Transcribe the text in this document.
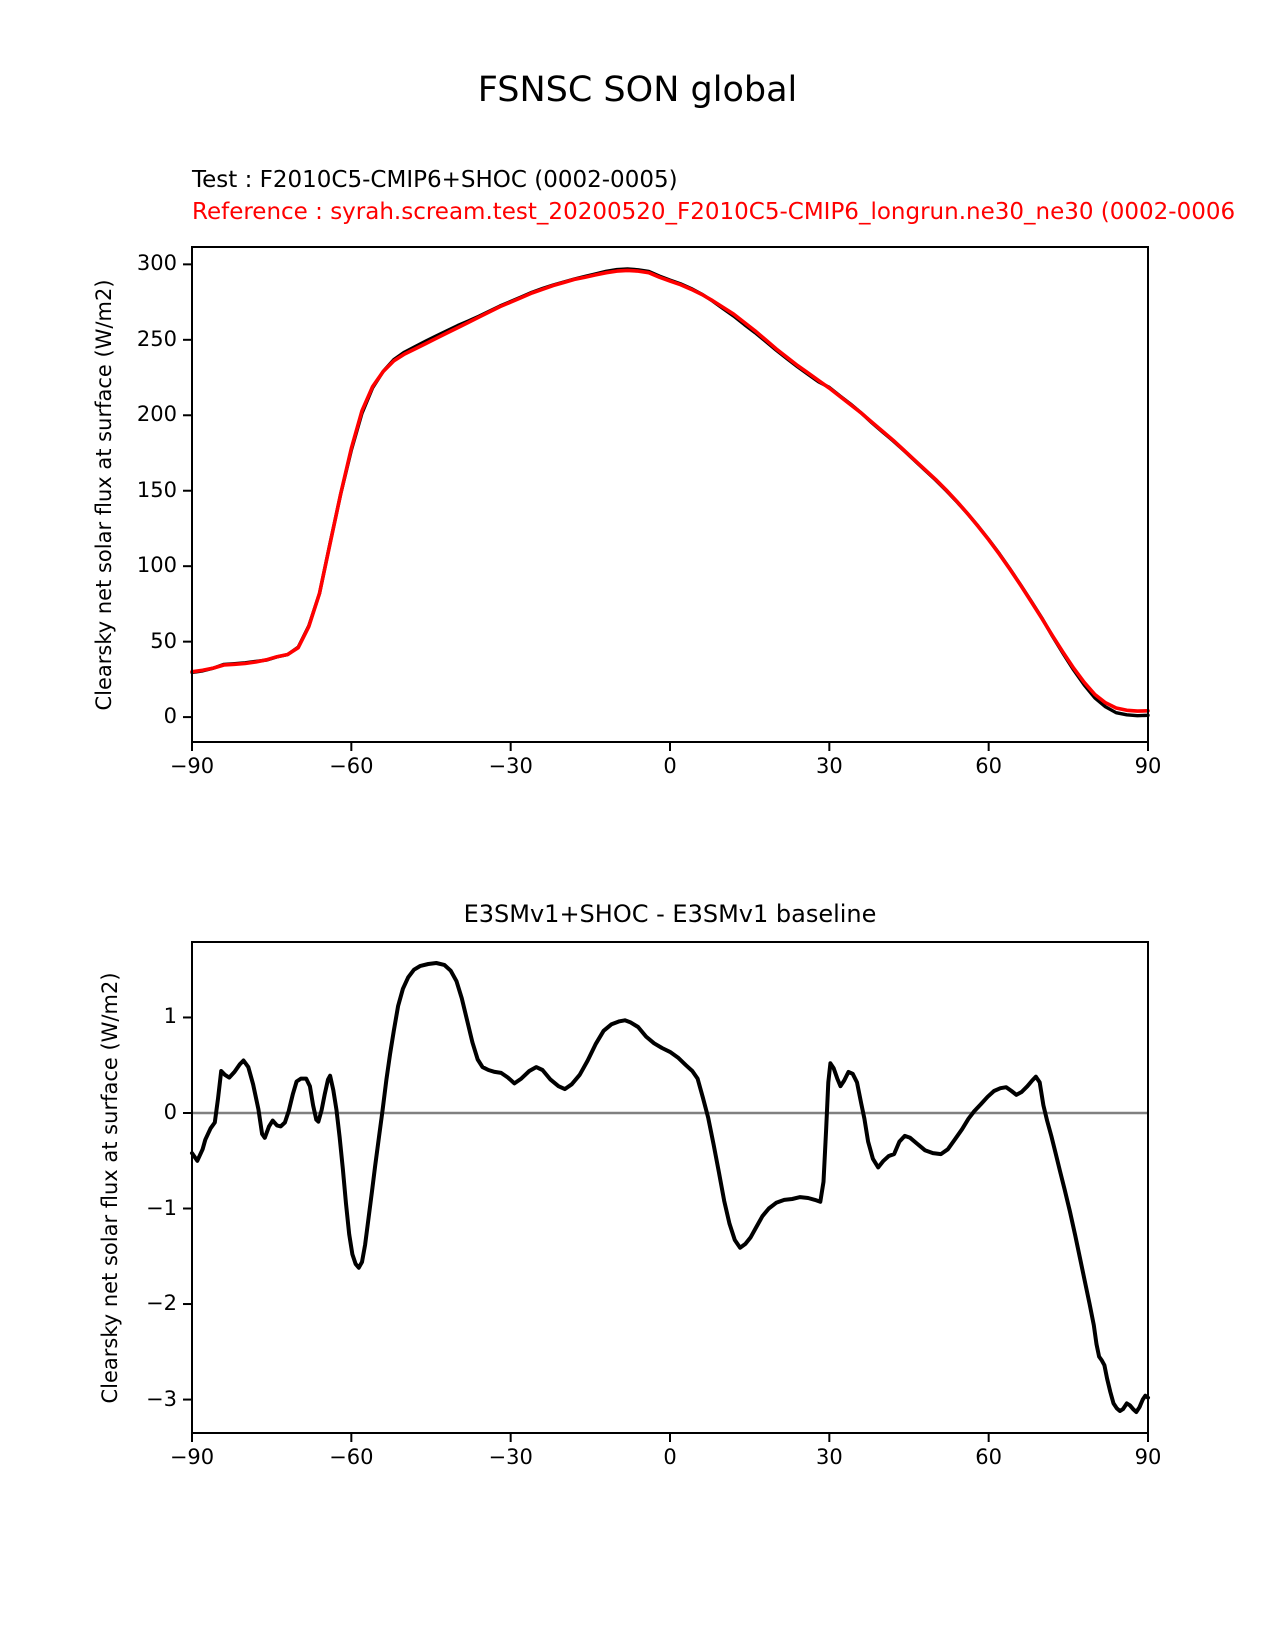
−90	−60	−30	0	30	60	90
0
50
100
150
200
250
300
−90	−60	−30	0	30	60	90
1
0
−1
−2
−3
FSNSC SON global
Test : F2010C5-CMIP6+SHOC (0002-0005)
Reference : syrah.scream.test_20200520_F2010C5-CMIP6_longrun.ne30_ne30 (0002-0006
Clearsky net solar flux at surface (W/m2)
Clearsky net solar flux at surface (W/m2)
E3SMv1+SHOC - E3SMv1 baseline
